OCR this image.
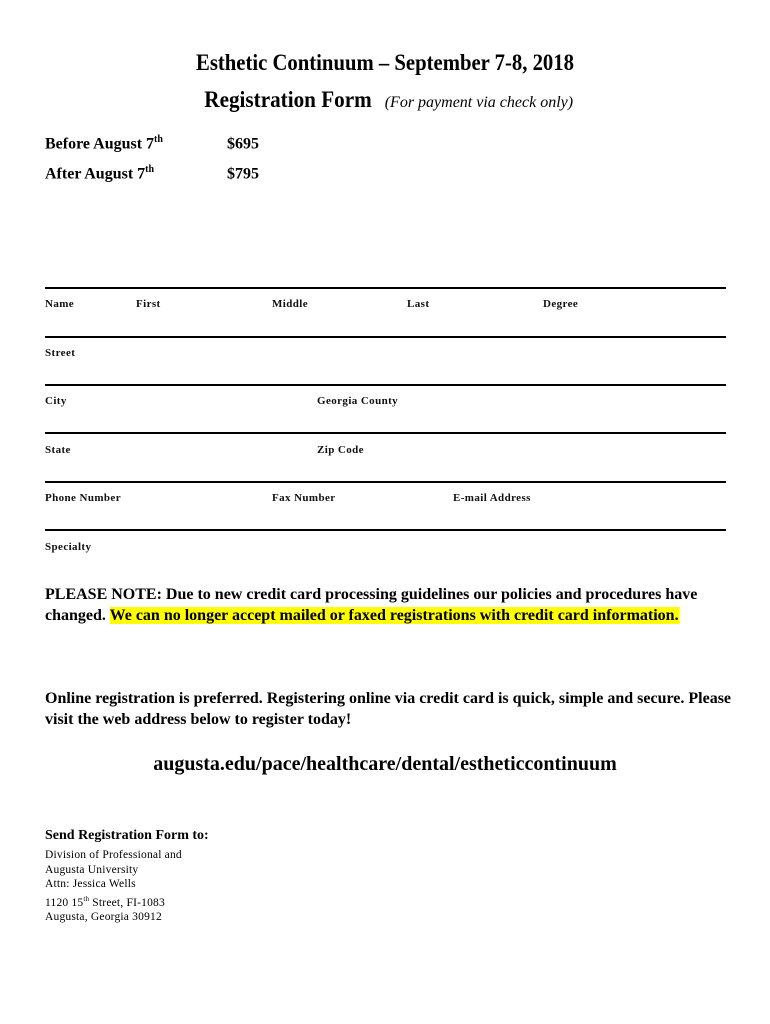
Esthetic Continuum – September 7-8, 2018
Registration Form (For payment via check only)
Before August 7th	$695
After August 7th	$795
Name	First	Middle	Last	Degree
Street
City	Georgia County
State	Zip Code
Phone Number	Fax Number	E-mail Address
Specialty
PLEASE NOTE: Due to new credit card processing guidelines our policies and procedures have changed. We can no longer accept mailed or faxed registrations with credit card information.
Online registration is preferred. Registering online via credit card is quick, simple and secure. Please visit the web address below to register today!
augusta.edu/pace/healthcare/dental/estheticcontinuum
Send Registration Form to:
Division of Professional and
Augusta University
Attn: Jessica Wells
1120 15th Street, FI-1083
Augusta, Georgia 30912
